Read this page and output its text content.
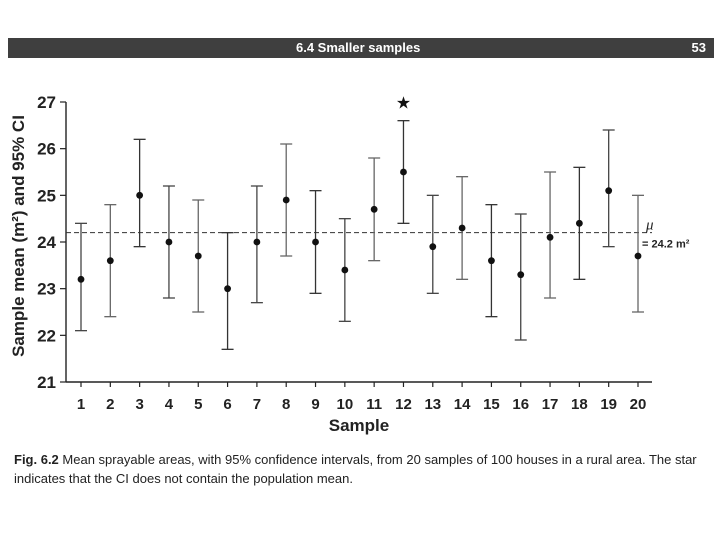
6.4 Smaller samples	53
Sample mean (m²) and 95% CI
21
22
23
24
25
26
27
1 2 3 4 5 6 7 8 9 10 11 12 13 14 15 16 17 18 19 20
Sample
μ
= 24.2 m²
★
Fig. 6.2 Mean sprayable areas, with 95% confidence intervals, from 20 samples of 100 houses in a rural area. The star indicates that the CI does not contain the population mean.
